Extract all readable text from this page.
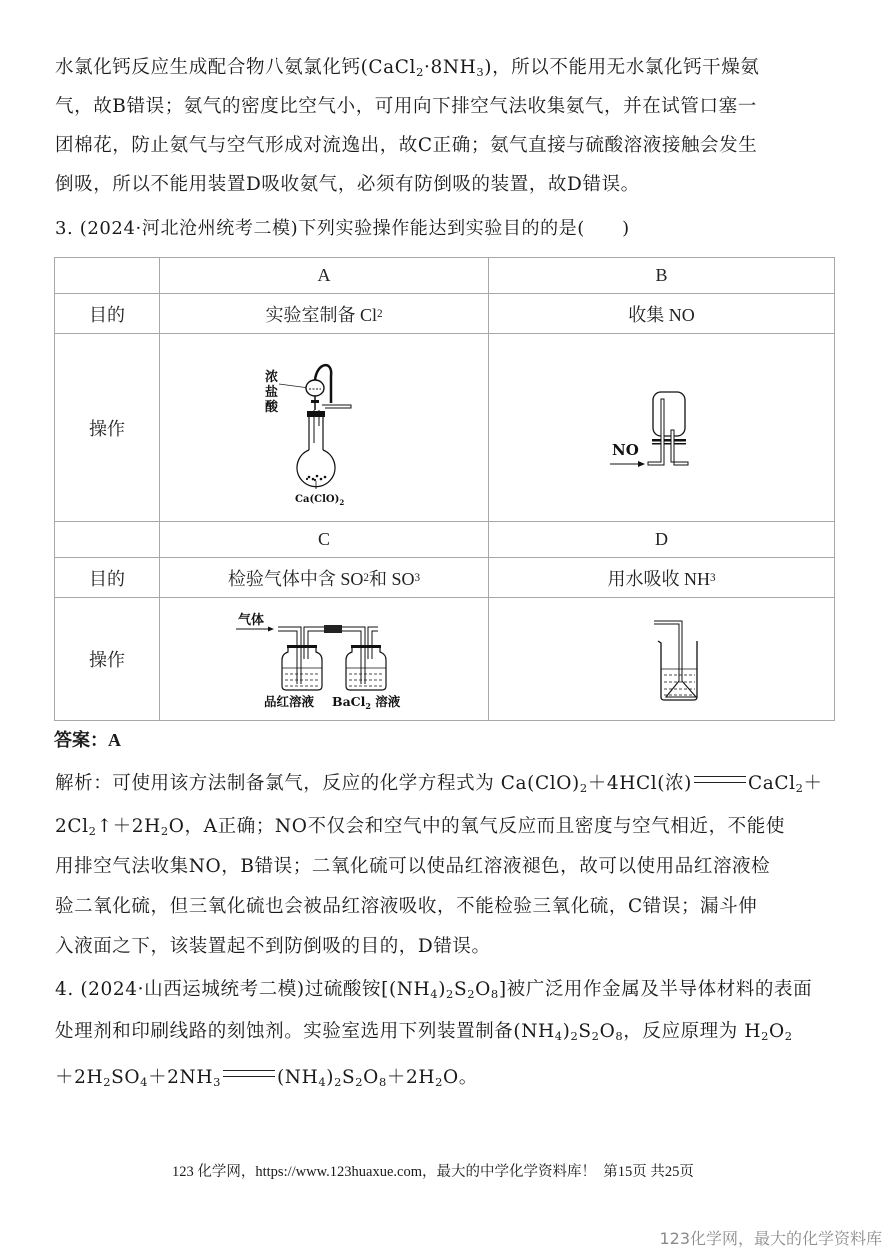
水氯化钙反应生成配合物八氨氯化钙$(CaCl_2\cdot 8NH_3)$，所以不能用无水氯化钙干燥氨
气，故B错误；氨气的密度比空气小，可用向下排空气法收集氨气，并在试管口塞一
团棉花，防止氨气与空气形成对流逸出，故C正确；氨气直接与硫酸溶液接触会发生
倒吸，所以不能用装置D吸收氨气，必须有防倒吸的装置，故D错误。
3. (2024·河北沧州统考二模)下列实验操作能达到实验目的的是(　　)
A	B
目的	实验室制备 Cl 2	收集 NO
操作
浓
盐
酸
$Ca(ClO)_2$
NO
C	D
目的	检验气体中含 SO 2 和 SO 3	用水吸收 NH 3
操作
气体
品红溶液 BaCl$_2$ 溶液
答案：A
解析：可使用该方法制备氯气，反应的化学方程式为 $Ca(ClO)_2+4HCl$(浓)	CaCl$_2$＋
$2Cl_2↑+2H_2O$，A正确；NO不仅会和空气中的氧气反应而且密度与空气相近，不能使
用排空气法收集NO，B错误；二氧化硫可以使品红溶液褪色，故可以使用品红溶液检
验二氧化硫，但三氧化硫也会被品红溶液吸收，不能检验三氧化硫，C错误；漏斗伸
入液面之下，该装置起不到防倒吸的目的，D错误。
4. (2024·山西运城统考二模)过硫酸铵$[(NH_4)_2S_2O_8]$被广泛用作金属及半导体材料的表面
处理剂和印刷线路的刻蚀剂。实验室选用下列装置制备$(NH_4)_2S_2O_8$，反应原理为 $H_2O_2$
$+2H_2SO_4+2NH_3$	$(NH_4)_2S_2O_8+2H_2O$。
123 化学网，https://www.123huaxue.com，最大的中学化学资料库！ 第15页 共25页
123化学网，最大的化学资料库
